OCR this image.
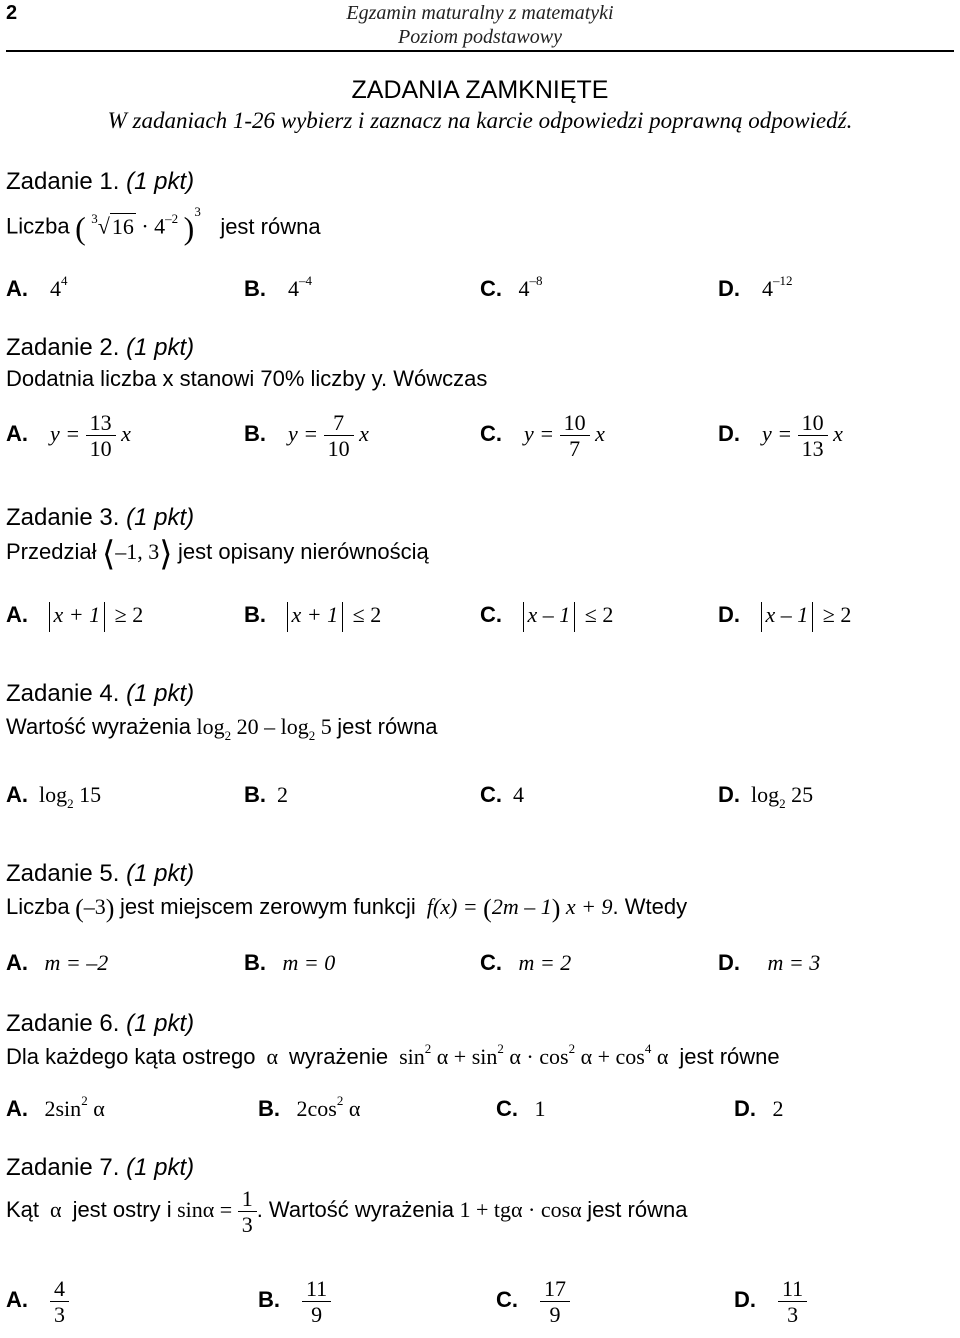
2	Egzamin maturalny z matematyki
Poziom podstawowy
ZADANIA ZAMKNIĘTE
W zadaniach 1-26 wybierz i zaznacz na karcie odpowiedzi poprawną odpowiedź.
Zadanie 1. (1 pkt)
Liczba ( $^3√16 \cdot 4^{-2}$ )$^3$ jest równa
A. $4^4$	B. $4^{-4}$	C. $4^{-8}$	D. $4^{-12}$
Zadanie 2. (1 pkt)
Dodatnia liczba x stanowi 70% liczby y. Wówczas
A. $y = \frac{13}{10}$ x	B. $y = \frac{7}{10}$ x	C. $y = \frac{10}{7}$ x	D. $y = \frac{10}{13}$ x
Zadanie 3. (1 pkt)
Przedział ⟨–1, 3⟩ jest opisany nierównością
A. x + 1 ≥ 2	B. x + 1 ≤ 2	C. x – 1 ≤ 2	D. x – 1 ≥ 2
Zadanie 4. (1 pkt)
Wartość wyrażenia $\log_2 20 - \log_2 5$ jest równa
A. $\log_2 15$	B. 2	C. 4	D. $\log_2 25$
Zadanie 5. (1 pkt)
Liczba (–3) jest miejscem zerowym funkcji f(x) = (2m – 1) x + 9. Wtedy
A. m = –2	B. m = 0	C. m = 2	D. m = 3
Zadanie 6. (1 pkt)
Dla każdego kąta ostrego α wyrażenie $\sin^2 \alpha + \sin^2 \alpha \cdot \cos^2 \alpha + \cos^4 \alpha$ jest równe
A. $2\sin^2$ α	B. $2\cos^2$ α	C. 1	D. 2
Zadanie 7. (1 pkt)
Kąt α jest ostry i $\sin\alpha = \frac{1}{3}$ . Wartość wyrażenia 1 + tgα · cosα jest równa
A. $\frac{4}{3}$	B. $\frac{11}{9}$	C. $\frac{17}{9}$	D. $\frac{11}{3}$
